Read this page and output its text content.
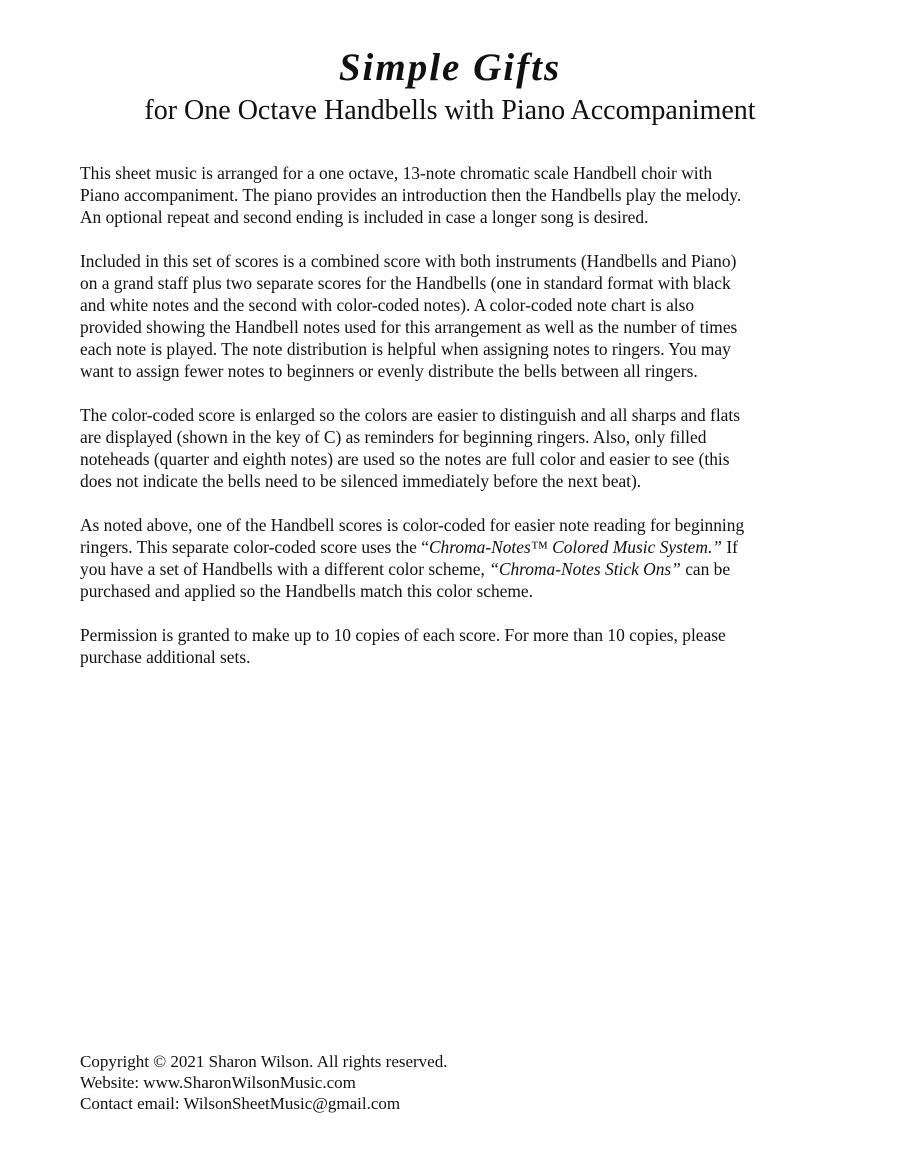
Simple Gifts
for One Octave Handbells with Piano Accompaniment

This sheet music is arranged for a one octave, 13-note chromatic scale Handbell choir with
Piano accompaniment. The piano provides an introduction then the Handbells play the melody.
An optional repeat and second ending is included in case a longer song is desired.

Included in this set of scores is a combined score with both instruments (Handbells and Piano)
on a grand staff plus two separate scores for the Handbells (one in standard format with black
and white notes and the second with color-coded notes). A color-coded note chart is also
provided showing the Handbell notes used for this arrangement as well as the number of times
each note is played. The note distribution is helpful when assigning notes to ringers. You may
want to assign fewer notes to beginners or evenly distribute the bells between all ringers.

The color-coded score is enlarged so the colors are easier to distinguish and all sharps and flats
are displayed (shown in the key of C) as reminders for beginning ringers. Also, only filled
noteheads (quarter and eighth notes) are used so the notes are full color and easier to see (this
does not indicate the bells need to be silenced immediately before the next beat).

As noted above, one of the Handbell scores is color-coded for easier note reading for beginning
ringers. This separate color-coded score uses the “Chroma-Notes™ Colored Music System.” If
you have a set of Handbells with a different color scheme, “Chroma-Notes Stick Ons” can be
purchased and applied so the Handbells match this color scheme.

Permission is granted to make up to 10 copies of each score. For more than 10 copies, please
purchase additional sets.

Copyright © 2021 Sharon Wilson. All rights reserved.
Website: www.SharonWilsonMusic.com
Contact email: WilsonSheetMusic@gmail.com
